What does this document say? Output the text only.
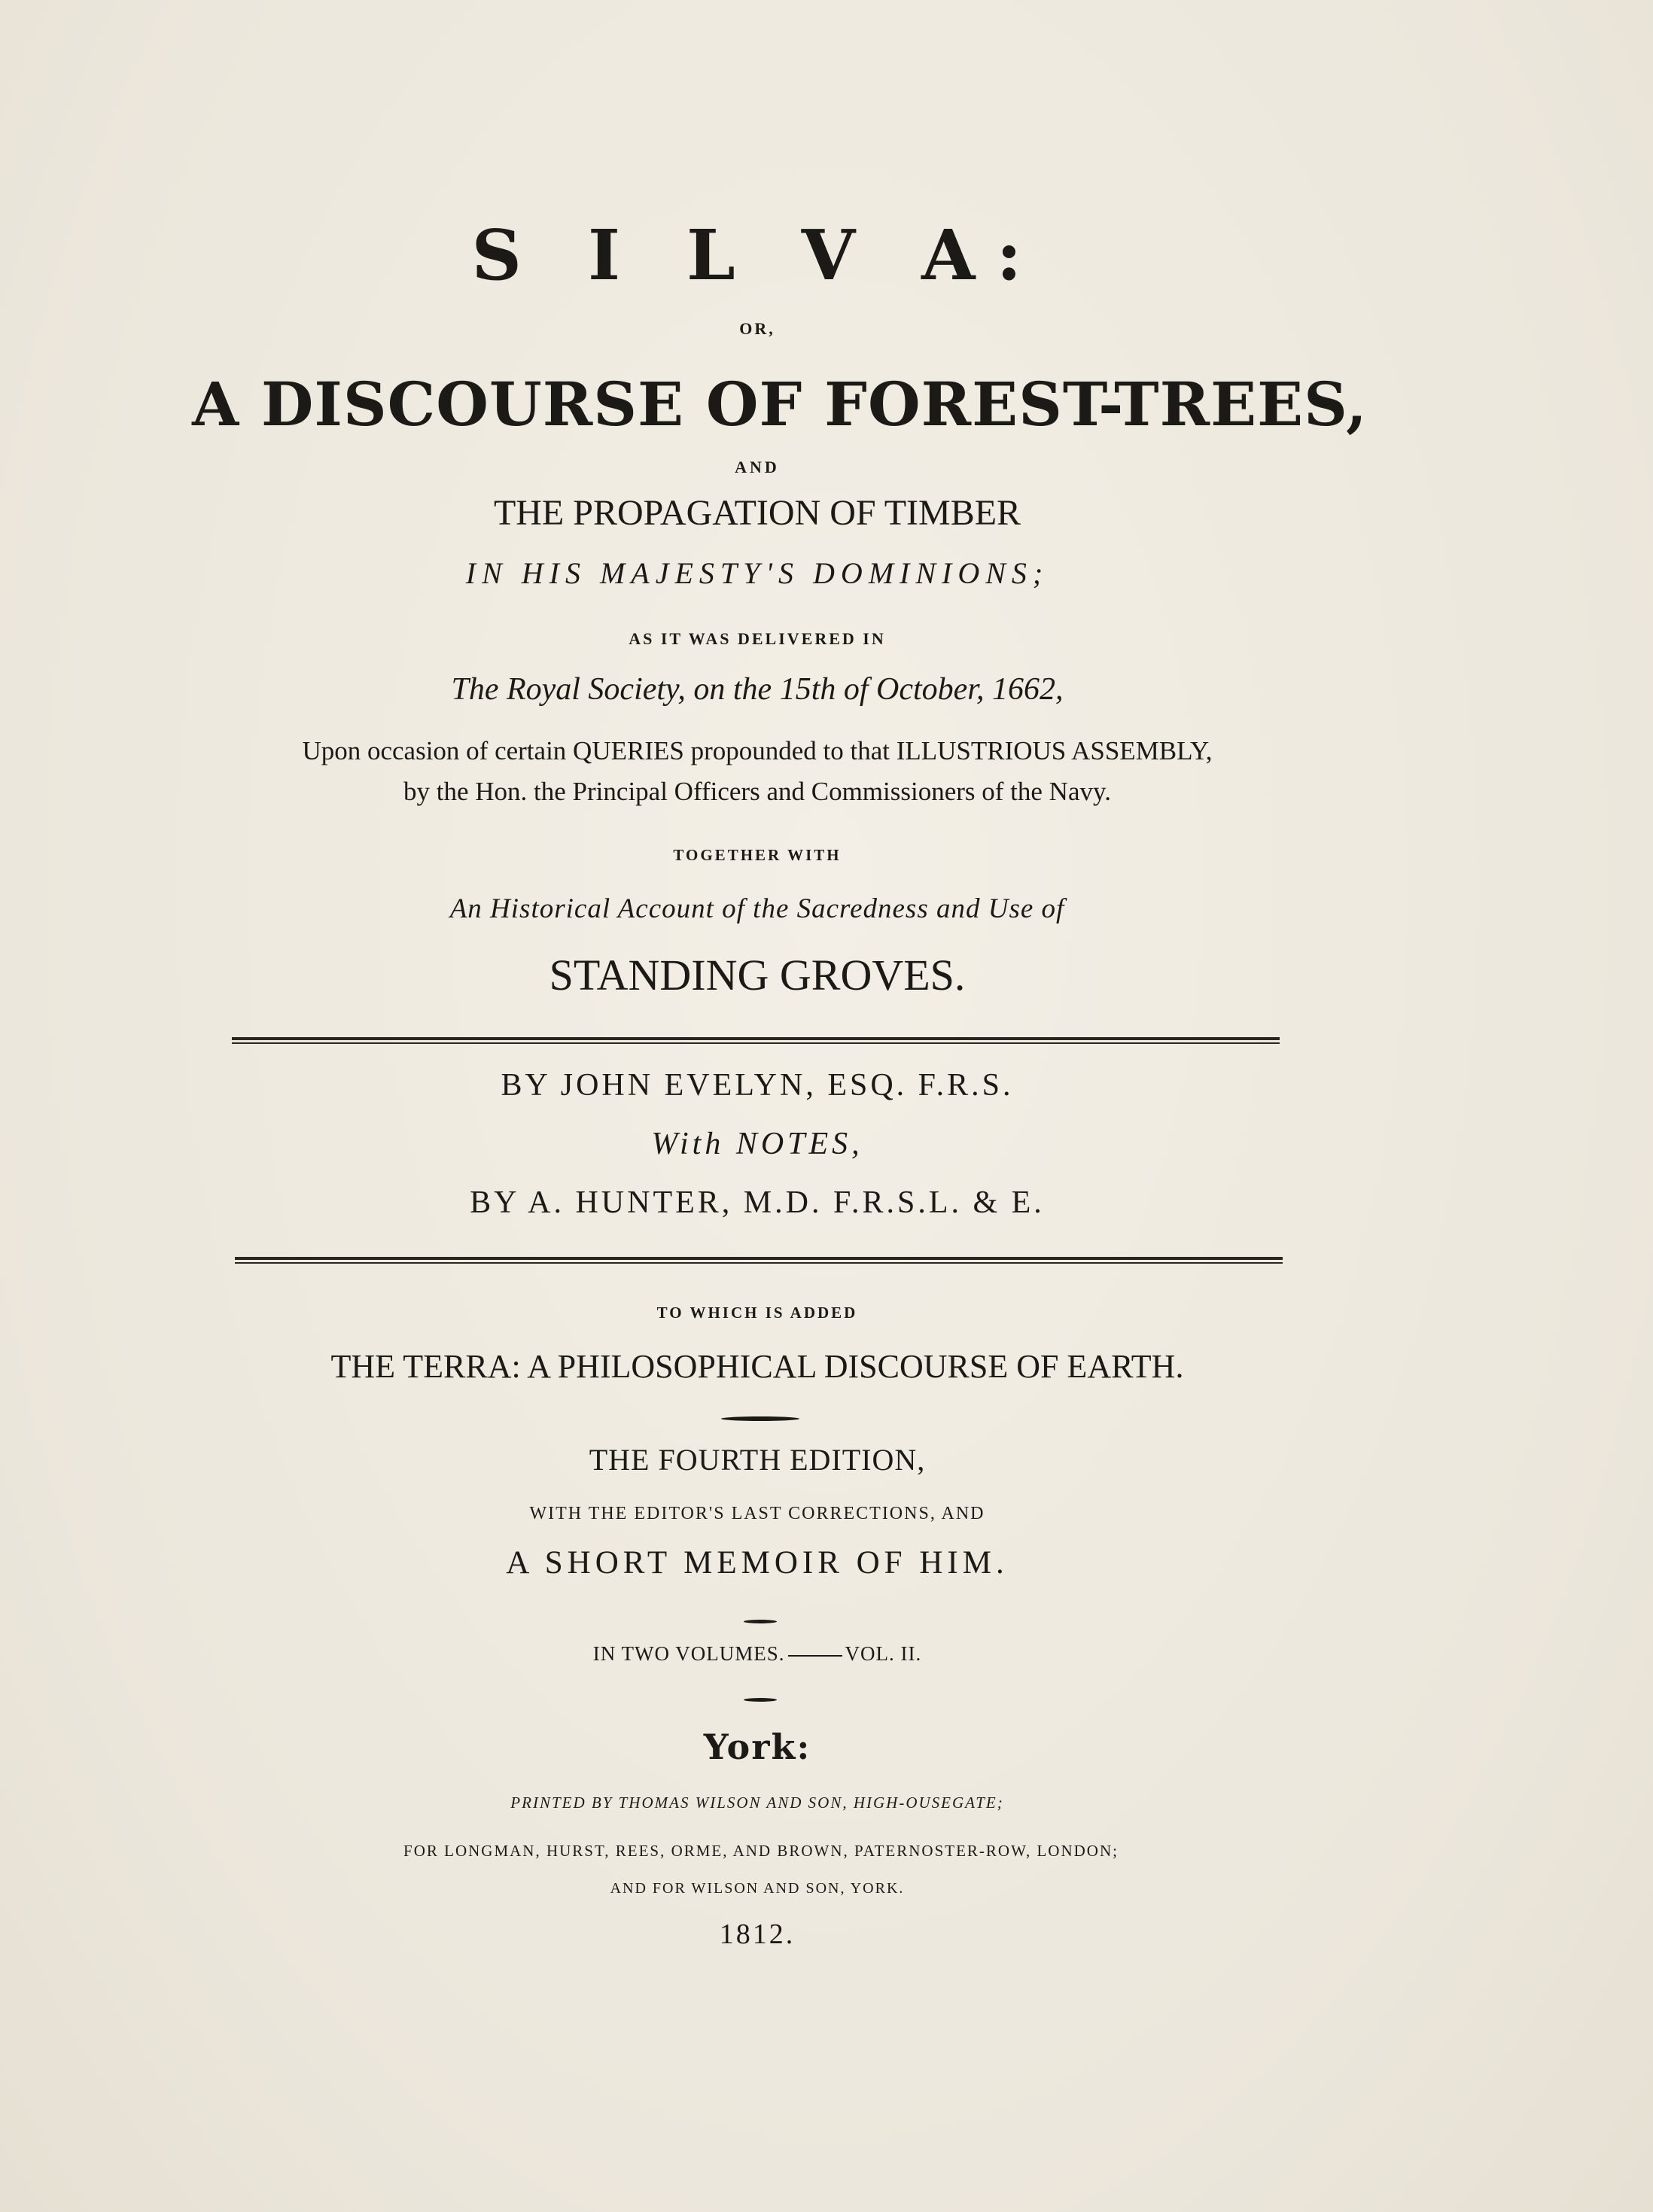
S I L V A:
OR,
A DISCOURSE OF FOREST-TREES,
AND
THE PROPAGATION OF TIMBER
IN HIS MAJESTY'S DOMINIONS;
AS IT WAS DELIVERED IN
The Royal Society, on the 15th of October, 1662,
Upon occasion of certain QUERIES propounded to that ILLUSTRIOUS ASSEMBLY,
by the Hon. the Principal Officers and Commissioners of the Navy.
TOGETHER WITH
An Historical Account of the Sacredness and Use of
STANDING GROVES.
BY JOHN EVELYN, ESQ. F.R.S.
With NOTES,
BY A. HUNTER, M.D. F.R.S.L. & E.
TO WHICH IS ADDED
THE TERRA: A PHILOSOPHICAL DISCOURSE OF EARTH.
THE FOURTH EDITION,
WITH THE EDITOR'S LAST CORRECTIONS, AND
A SHORT MEMOIR OF HIM.
IN TWO VOLUMES.	VOL. II.
York:
PRINTED BY THOMAS WILSON AND SON, HIGH-OUSEGATE;
FOR LONGMAN, HURST, REES, ORME, AND BROWN, PATERNOSTER-ROW, LONDON;
AND FOR WILSON AND SON, YORK.
1812.
